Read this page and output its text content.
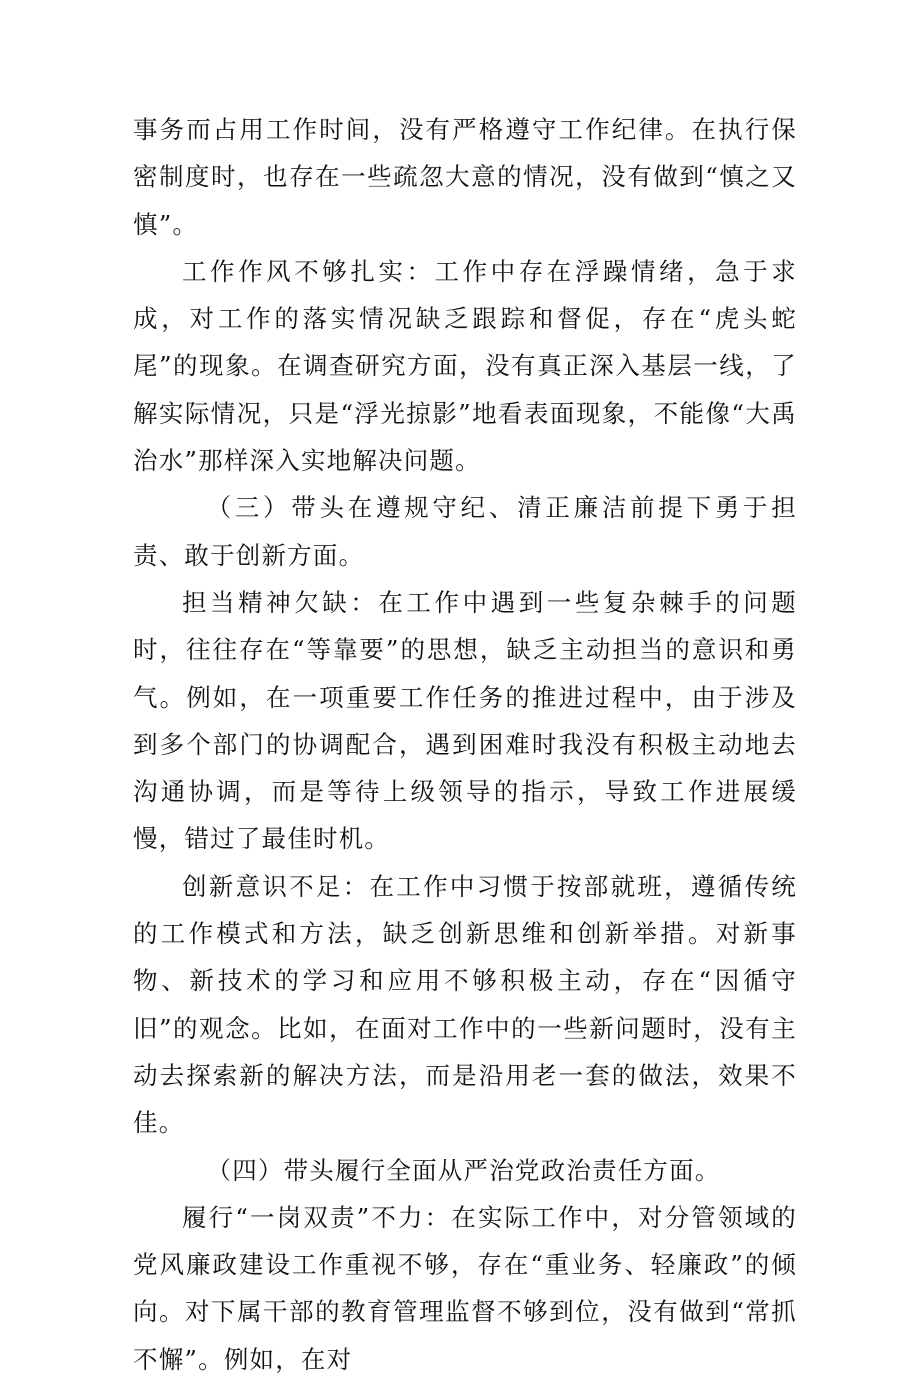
事务而占用工作时间，没有严格遵守工作纪律。在执行保密制度时，也存在一些疏忽大意的情况，没有做到“慎之又慎”。

工作作风不够扎实：工作中存在浮躁情绪，急于求成，对工作的落实情况缺乏跟踪和督促，存在“虎头蛇尾”的现象。在调查研究方面，没有真正深入基层一线，了解实际情况，只是“浮光掠影”地看表面现象，不能像“大禹治水”那样深入实地解决问题。

（三）带头在遵规守纪、清正廉洁前提下勇于担责、敢于创新方面。

担当精神欠缺：在工作中遇到一些复杂棘手的问题时，往往存在“等靠要”的思想，缺乏主动担当的意识和勇气。例如，在一项重要工作任务的推进过程中，由于涉及到多个部门的协调配合，遇到困难时我没有积极主动地去沟通协调，而是等待上级领导的指示，导致工作进展缓慢，错过了最佳时机。

创新意识不足：在工作中习惯于按部就班，遵循传统的工作模式和方法，缺乏创新思维和创新举措。对新事物、新技术的学习和应用不够积极主动，存在“因循守旧”的观念。比如，在面对工作中的一些新问题时，没有主动去探索新的解决方法，而是沿用老一套的做法，效果不佳。

（四）带头履行全面从严治党政治责任方面。

履行“一岗双责”不力：在实际工作中，对分管领域的党风廉政建设工作重视不够，存在“重业务、轻廉政”的倾向。对下属干部的教育管理监督不够到位，没有做到“常抓不懈”。例如，在对
